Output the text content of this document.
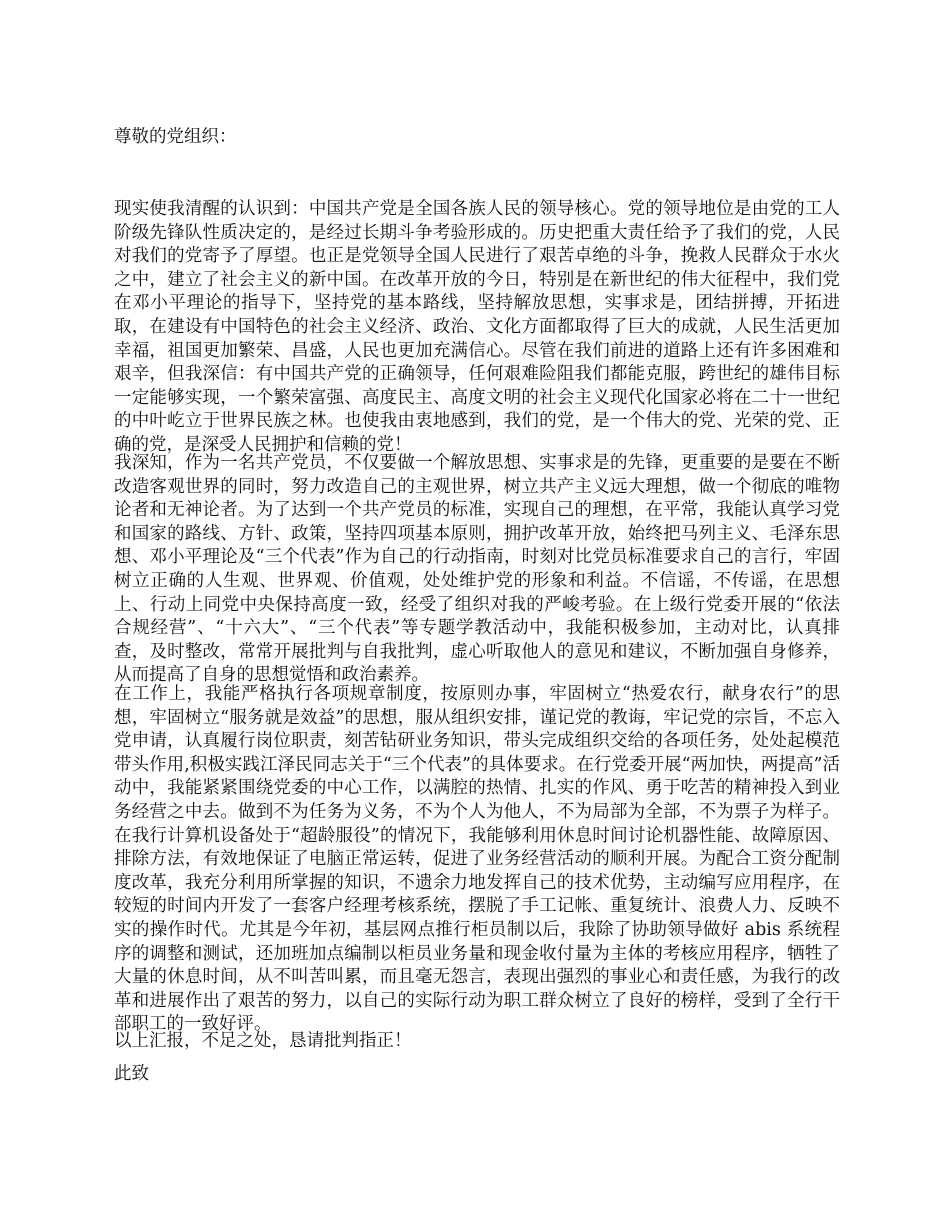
尊敬的党组织：

现实使我清醒的认识到：中国共产党是全国各族人民的领导核心。党的领导地位是由党的工人阶级先锋队性质决定的，是经过长期斗争考验形成的。历史把重大责任给予了我们的党，人民对我们的党寄予了厚望。也正是党领导全国人民进行了艰苦卓绝的斗争，挽救人民群众于水火之中，建立了社会主义的新中国。在改革开放的今日，特别是在新世纪的伟大征程中，我们党在邓小平理论的指导下，坚持党的基本路线，坚持解放思想，实事求是，团结拼搏，开拓进取，在建设有中国特色的社会主义经济、政治、文化方面都取得了巨大的成就，人民生活更加幸福，祖国更加繁荣、昌盛，人民也更加充满信心。尽管在我们前进的道路上还有许多困难和艰辛，但我深信：有中国共产党的正确领导，任何艰难险阻我们都能克服，跨世纪的雄伟目标一定能够实现，一个繁荣富强、高度民主、高度文明的社会主义现代化国家必将在二十一世纪的中叶屹立于世界民族之林。也使我由衷地感到，我们的党，是一个伟大的党、光荣的党、正确的党，是深受人民拥护和信赖的党！

我深知，作为一名共产党员，不仅要做一个解放思想、实事求是的先锋，更重要的是要在不断改造客观世界的同时，努力改造自己的主观世界，树立共产主义远大理想，做一个彻底的唯物论者和无神论者。为了达到一个共产党员的标准，实现自己的理想，在平常，我能认真学习党和国家的路线、方针、政策，坚持四项基本原则，拥护改革开放，始终把马列主义、毛泽东思想、邓小平理论及“三个代表”作为自己的行动指南，时刻对比党员标准要求自己的言行，牢固树立正确的人生观、世界观、价值观，处处维护党的形象和利益。不信谣，不传谣，在思想上、行动上同党中央保持高度一致，经受了组织对我的严峻考验。在上级行党委开展的“依法合规经营”、“十六大”、“三个代表”等专题学教活动中，我能积极参加，主动对比，认真排查，及时整改，常常开展批判与自我批判，虚心听取他人的意见和建议，不断加强自身修养，从而提高了自身的思想觉悟和政治素养。

在工作上，我能严格执行各项规章制度，按原则办事，牢固树立“热爱农行，献身农行”的思想，牢固树立“服务就是效益”的思想，服从组织安排，谨记党的教诲，牢记党的宗旨，不忘入党申请，认真履行岗位职责，刻苦钻研业务知识，带头完成组织交给的各项任务，处处起模范带头作用,积极实践江泽民同志关于“三个代表”的具体要求。在行党委开展“两加快，两提高”活动中，我能紧紧围绕党委的中心工作，以满腔的热情、扎实的作风、勇于吃苦的精神投入到业务经营之中去。做到不为任务为义务，不为个人为他人，不为局部为全部，不为票子为样子。在我行计算机设备处于“超龄服役”的情况下，我能够利用休息时间讨论机器性能、故障原因、排除方法，有效地保证了电脑正常运转，促进了业务经营活动的顺利开展。为配合工资分配制度改革，我充分利用所掌握的知识，不遗余力地发挥自己的技术优势，主动编写应用程序，在较短的时间内开发了一套客户经理考核系统，摆脱了手工记帐、重复统计、浪费人力、反映不实的操作时代。尤其是今年初，基层网点推行柜员制以后，我除了协助领导做好 abis 系统程序的调整和测试，还加班加点编制以柜员业务量和现金收付量为主体的考核应用程序，牺牲了大量的休息时间，从不叫苦叫累，而且毫无怨言，表现出强烈的事业心和责任感，为我行的改革和进展作出了艰苦的努力，以自己的实际行动为职工群众树立了良好的榜样，受到了全行干部职工的一致好评。

以上汇报，不足之处，恳请批判指正！
此致
